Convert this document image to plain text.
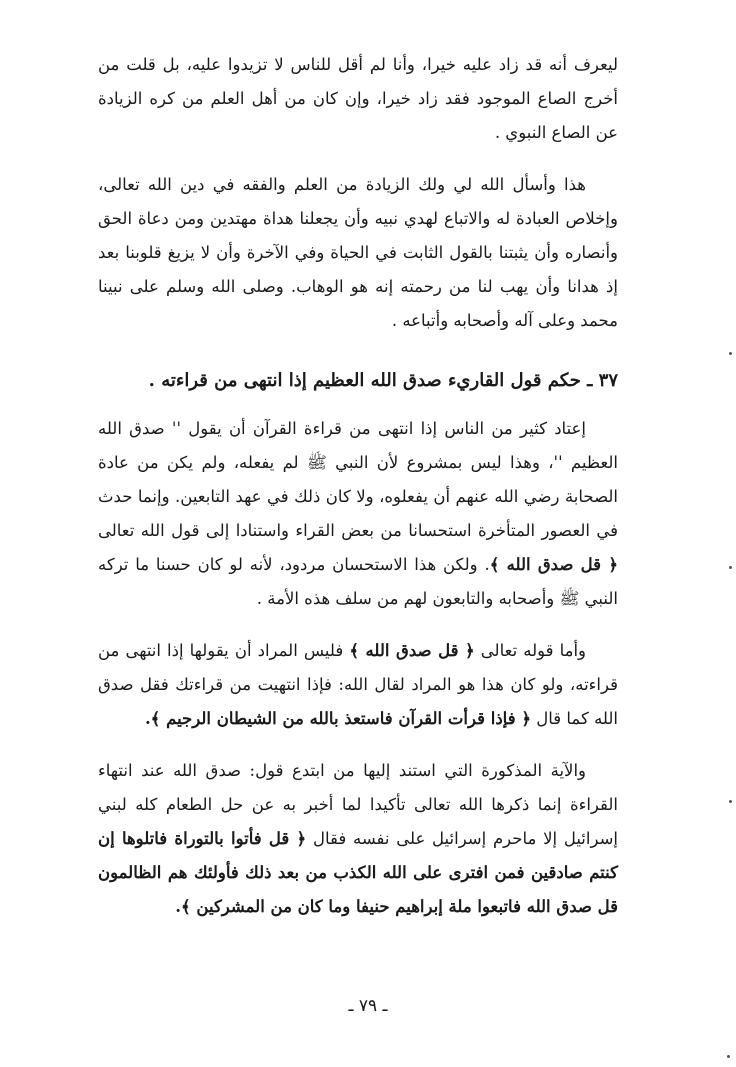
ليعرف أنه قد زاد عليه خيرا، وأنا لم أقل للناس لا تزيدوا عليه، بل قلت من أخرج الصاع الموجود فقد زاد خيرا، وإن كان من أهل العلم من كره الزيادة عن الصاع النبوي .

هذا وأسأل الله لي ولك الزيادة من العلم والفقه في دين الله تعالى، وإخلاص العبادة له والاتباع لهدي نبيه وأن يجعلنا هداة مهتدين ومن دعاة الحق وأنصاره وأن يثبتنا بالقول الثابت في الحياة وفي الآخرة وأن لا يزيغ قلوبنا بعد إذ هدانا وأن يهب لنا من رحمته إنه هو الوهاب. وصلى الله وسلم على نبينا محمد وعلى آله وأصحابه وأتباعه .

٣٧ ـ حكم قول القاريء صدق الله العظيم إذا انتهى من قراءته .

إعتاد كثير من الناس إذا انتهى من قراءة القرآن أن يقول '' صدق الله العظيم ''، وهذا ليس بمشروع لأن النبي ﷺ لم يفعله، ولم يكن من عادة الصحابة رضي الله عنهم أن يفعلوه، ولا كان ذلك في عهد التابعين. وإنما حدث في العصور المتأخرة استحسانا من بعض القراء واستنادا إلى قول الله تعالى ﴿ قل صدق الله ﴾. ولكن هذا الاستحسان مردود، لأنه لو كان حسنا ما تركه النبي ﷺ وأصحابه والتابعون لهم من سلف هذه الأمة .

وأما قوله تعالى ﴿ قل صدق الله ﴾ فليس المراد أن يقولها إذا انتهى من قراءته، ولو كان هذا هو المراد لقال الله: فإذا انتهيت من قراءتك فقل صدق الله كما قال ﴿ فإذا قرأت القرآن فاستعذ بالله من الشيطان الرجيم ﴾.

والآية المذكورة التي استند إليها من ابتدع قول: صدق الله عند انتهاء القراءة إنما ذكرها الله تعالى تأكيدا لما أخبر به عن حل الطعام كله لبني إسرائيل إلا ماحرم إسرائيل على نفسه فقال ﴿ قل فأتوا بالتوراة فاتلوها إن كنتم صادقين فمن افترى على الله الكذب من بعد ذلك فأولئك هم الظالمون قل صدق الله فاتبعوا ملة إبراهيم حنيفا وما كان من المشركين ﴾.

ـ ٧٩ ـ
